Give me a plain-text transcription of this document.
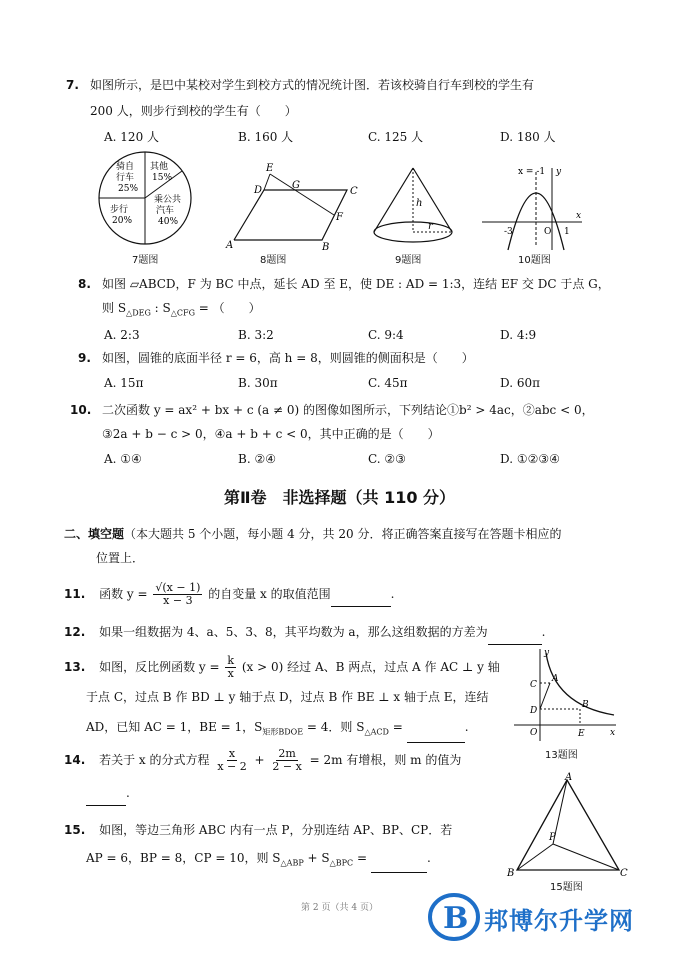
7. 如图所示，是巴中某校对学生到校方式的情况统计图．若该校骑自行车到校的学生有
200 人，则步行到校的学生有（　　）
A. 120 人	B. 160 人	C. 125 人	D. 180 人
骑自
行车
25%
其他
15%
乘公共
汽车
40%
步行
20%
7题图
E
D	G
C
F
A	B
8题图
h
r
9题图
x = -1 y
-3	O 1
x
10题图
8. 如图 ▱ABCD，F 为 BC 中点，延长 AD 至 E，使 DE : AD = 1:3，连结 EF 交 DC 于点 G，
则 $S_{\triangle DEG}$ : $S_{\triangle CFG}$ = （　　）
A. 2:3	B. 3:2	C. 9:4	D. 4:9
9. 如图，圆锥的底面半径 r = 6，高 h = 8，则圆锥的侧面积是（　　）
A. 15π	B. 30π	C. 45π	D. 60π
10. 二次函数 y = ax² + bx + c (a ≠ 0) 的图像如图所示，下列结论①b² > 4ac，②abc < 0，
③2a + b − c > 0，④a + b + c < 0，其中正确的是（　　）
A. ①④	B. ②④	C. ②③	D. ①②③④
第Ⅱ卷　非选择题（共 110 分）
二、填空题（本大题共 5 个小题，每小题 4 分，共 20 分．将正确答案直接写在答题卡相应的
位置上．
11. 函数 $y = \frac{√(x - 1)}{x - 3}$ 的自变量 x 的取值范围	.
12. 如果一组数据为 4、a、5、3、8，其平均数为 a，那么这组数据的方差为	.
13. 如图，反比例函数 $y = \frac{k}{x} (x > 0)$ 经过 A、B 两点，过点 A 作 AC ⊥ y 轴
于点 C，过点 B 作 BD ⊥ y 轴于点 D，过点 B 作 BE ⊥ x 轴于点 E，连结
AD，已知 AC = 1，BE = 1，$S_{矩形BDOE} = 4$．则 $S_{\triangle ACD}$ =	.
y
C
A
B
D
O	E	x
13题图
14. 若关于 x 的分式方程 $\frac{x}{x - 2} + \frac{2m}{2 - x} = 2m$ 有增根，则 m 的值为
.
15. 如图，等边三角形 ABC 内有一点 P，分别连结 AP、BP、CP．若
AP = 6，BP = 8，CP = 10，则 $S_{\triangle ABP} + S_{\triangle BPC}$ =	.
A
P
B	C
15题图
第 2 页（共 4 页）	B 邦博尔升学网
